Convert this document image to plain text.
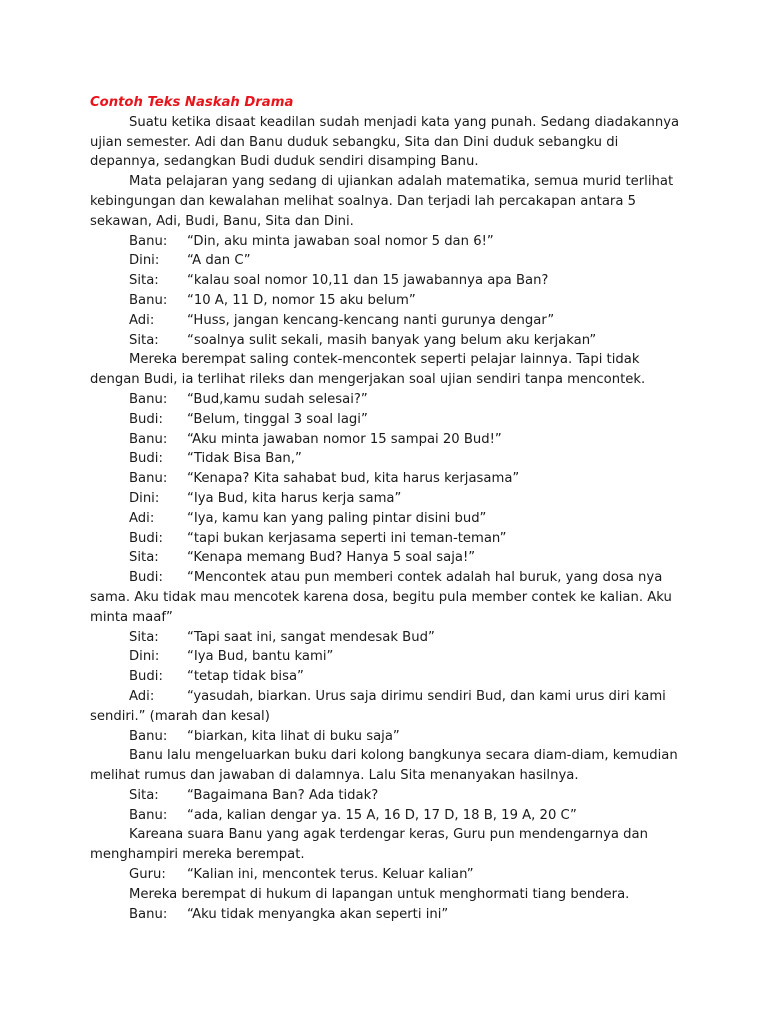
Contoh Teks Naskah Drama

Suatu ketika disaat keadilan sudah menjadi kata yang punah. Sedang diadakannya ujian semester. Adi dan Banu duduk sebangku, Sita dan Dini duduk sebangku di depannya, sedangkan Budi duduk sendiri disamping Banu.

Mata pelajaran yang sedang di ujiankan adalah matematika, semua murid terlihat kebingungan dan kewalahan melihat soalnya. Dan terjadi lah percakapan antara 5 sekawan, Adi, Budi, Banu, Sita dan Dini.

Banu:	“Din, aku minta jawaban soal nomor 5 dan 6!”
Dini:	“A dan C”
Sita:	“kalau soal nomor 10,11 dan 15 jawabannya apa Ban?
Banu:	“10 A, 11 D, nomor 15 aku belum”
Adi:	“Huss, jangan kencang-kencang nanti gurunya dengar”
Sita:	“soalnya sulit sekali, masih banyak yang belum aku kerjakan”

Mereka berempat saling contek-mencontek seperti pelajar lainnya. Tapi tidak dengan Budi, ia terlihat rileks dan mengerjakan soal ujian sendiri tanpa mencontek.

Banu:	“Bud,kamu sudah selesai?”
Budi:	“Belum, tinggal 3 soal lagi”
Banu:	“Aku minta jawaban nomor 15 sampai 20 Bud!”
Budi:	“Tidak Bisa Ban,”
Banu:	“Kenapa? Kita sahabat bud, kita harus kerjasama”
Dini:	“Iya Bud, kita harus kerja sama”
Adi:	“Iya, kamu kan yang paling pintar disini bud”
Budi:	“tapi bukan kerjasama seperti ini teman-teman”
Sita:	“Kenapa memang Bud? Hanya 5 soal saja!”
Budi:	“Mencontek atau pun memberi contek adalah hal buruk, yang dosa nya

sama. Aku tidak mau mencotek karena dosa, begitu pula member contek ke kalian. Aku minta maaf”

Sita:	“Tapi saat ini, sangat mendesak Bud”
Dini:	“Iya Bud, bantu kami”
Budi:	“tetap tidak bisa”
Adi:	“yasudah, biarkan. Urus saja dirimu sendiri Bud, dan kami urus diri kami

sendiri.” (marah dan kesal)

Banu:	“biarkan, kita lihat di buku saja”

Banu lalu mengeluarkan buku dari kolong bangkunya secara diam-diam, kemudian melihat rumus dan jawaban di dalamnya. Lalu Sita menanyakan hasilnya.

Sita:	“Bagaimana Ban? Ada tidak?
Banu:	“ada, kalian dengar ya. 15 A, 16 D, 17 D, 18 B, 19 A, 20 C”

Kareana suara Banu yang agak terdengar keras, Guru pun mendengarnya dan menghampiri mereka berempat.

Guru:	“Kalian ini, mencontek terus. Keluar kalian”

Mereka berempat di hukum di lapangan untuk menghormati tiang bendera.

Banu:	“Aku tidak menyangka akan seperti ini”
